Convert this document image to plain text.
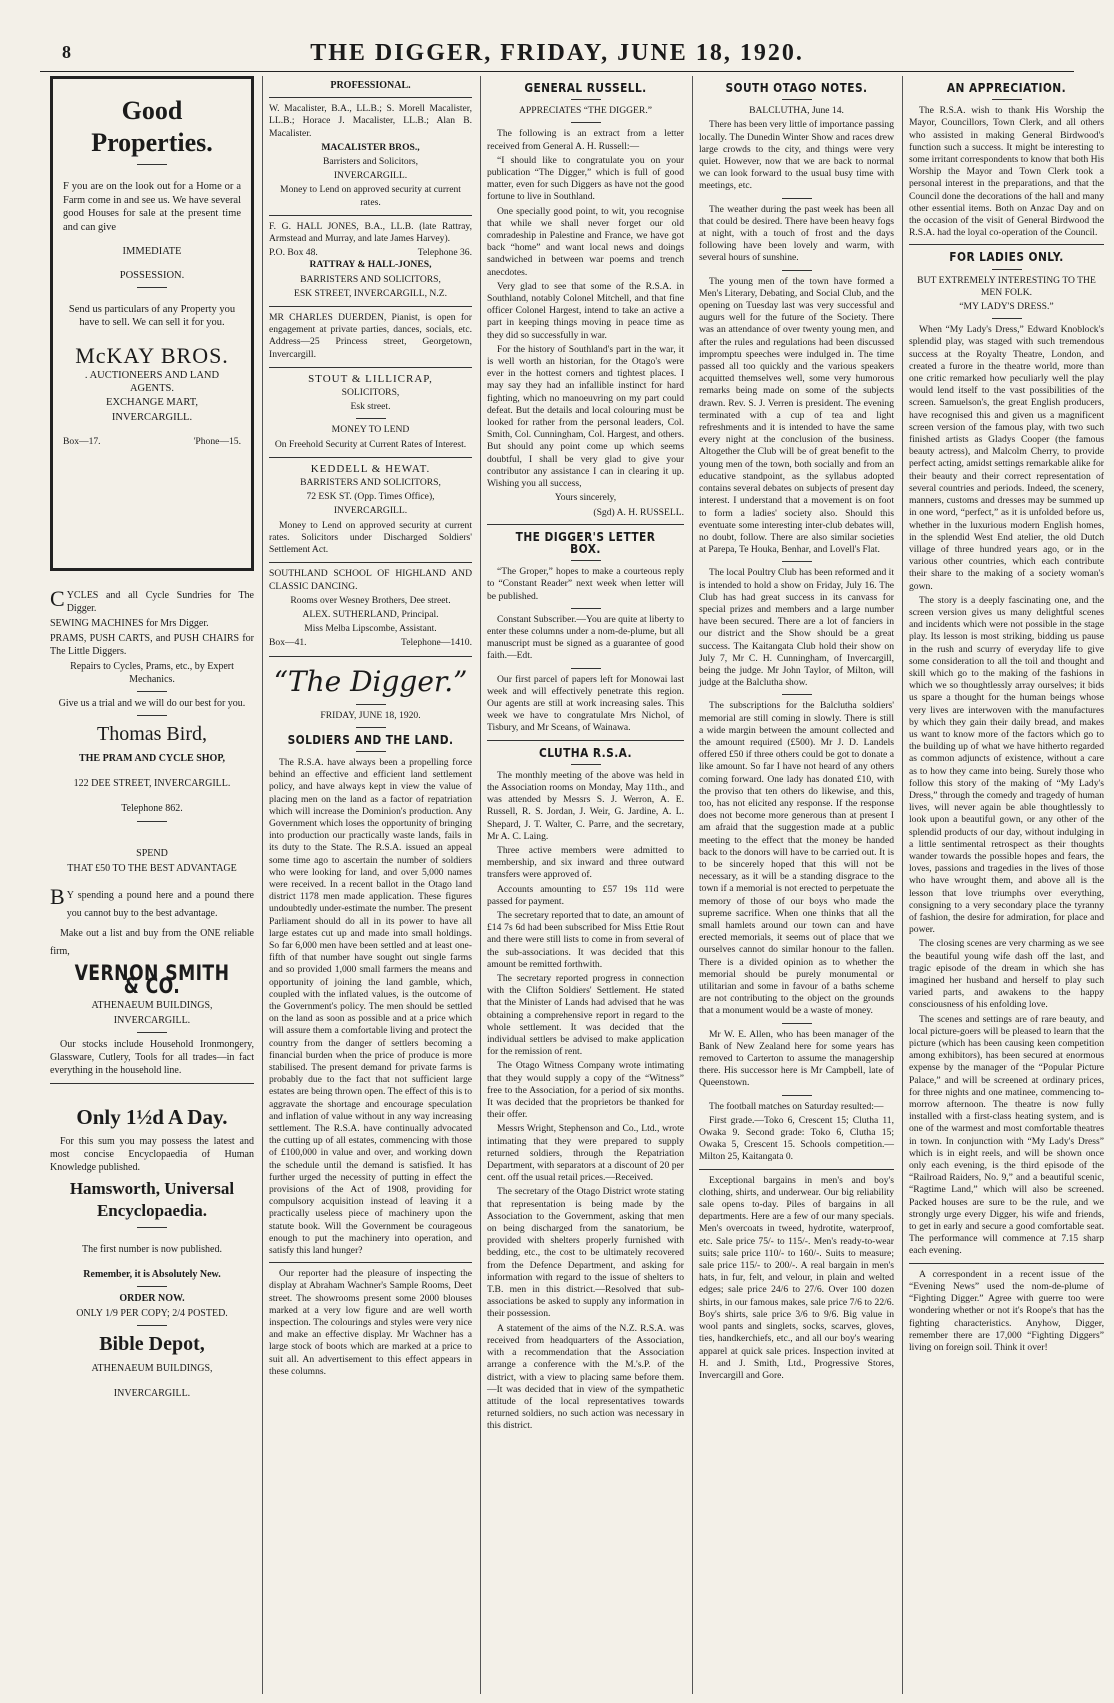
8	THE DIGGER, FRIDAY, JUNE 18, 1920.
Good
Properties.

F you are on the look out for a Home or a Farm come in and see us. We have several good Houses for sale at the present time and can give

IMMEDIATE

POSSESSION.

Send us particulars of any Property you have to sell. We can sell it for you.

McKAY BROS.

. AUCTIONEERS AND LAND AGENTS.

EXCHANGE MART,

INVERCARGILL.

Box—17.	'Phone—15.

CYCLES and all Cycle Sundries for The Digger.

SEWING MACHINES for Mrs Digger.

PRAMS, PUSH CARTS, and PUSH CHAIRS for The Little Diggers.

Repairs to Cycles, Prams, etc., by Expert Mechanics.

Give us a trial and we will do our best for you.

Thomas Bird,

THE PRAM AND CYCLE SHOP,

122 DEE STREET, INVERCARGILL.

Telephone 862.

SPEND

THAT £50 TO THE BEST ADVANTAGE

B Y spending a pound here and a pound there you cannot buy to the best advantage.

Make out a list and buy from the ONE reliable firm,

VERNON SMITH & CO.

ATHENAEUM BUILDINGS,

INVERCARGILL.

Our stocks include Household Ironmongery, Glassware, Cutlery, Tools for all trades—in fact everything in the household line.

Only 1½d A Day.

For this sum you may possess the latest and most concise Encyclopaedia of Human Knowledge published.

Hamsworth, Universal Encyclopaedia.

The first number is now published.

Remember, it is Absolutely New.

ORDER NOW.

ONLY 1/9 PER COPY; 2/4 POSTED.

Bible Depot,

ATHENAEUM BUILDINGS,

INVERCARGILL.

PROFESSIONAL.

W. Macalister, B.A., LL.B.; S. Morell Macalister, LL.B.; Horace J. Macalister, LL.B.; Alan B. Macalister.

MACALISTER BROS.,

Barristers and Solicitors,

INVERCARGILL.

Money to Lend on approved security at current rates.

F. G. HALL JONES, B.A., LL.B. (late Rattray, Armstead and Murray, and late James Harvey).

P.O. Box 48.	Telephone 36.

RATTRAY & HALL-JONES,

BARRISTERS AND SOLICITORS,

ESK STREET, INVERCARGILL, N.Z.

MR CHARLES DUERDEN, Pianist, is open for engagement at private parties, dances, socials, etc. Address—25 Princess street, Georgetown, Invercargill.

STOUT & LILLICRAP,

SOLICITORS,

Esk street.

MONEY TO LEND

On Freehold Security at Current Rates of Interest.

KEDDELL & HEWAT.

BARRISTERS AND SOLICITORS,

72 ESK ST. (Opp. Times Office),

INVERCARGILL.

Money to Lend on approved security at current rates. Solicitors under Discharged Soldiers' Settlement Act.

SOUTHLAND SCHOOL OF HIGHLAND AND CLASSIC DANCING.

Rooms over Wesney Brothers, Dee street.

ALEX. SUTHERLAND, Principal.

Miss Melba Lipscombe, Assistant.

Box—41.	Telephone—1410.
“The Digger.”

FRIDAY, JUNE 18, 1920.

SOLDIERS AND THE LAND.

The R.S.A. have always been a propelling force behind an effective and efficient land settlement policy, and have always kept in view the value of placing men on the land as a factor of repatriation which will increase the Dominion's production. Any Government which loses the opportunity of bringing into production our practically waste lands, fails in its duty to the State. The R.S.A. issued an appeal some time ago to ascertain the number of soldiers who were looking for land, and over 5,000 names were received. In a recent ballot in the Otago land district 1178 men made application. These figures undoubtedly under-estimate the number. The present Parliament should do all in its power to have all large estates cut up and made into small holdings. So far 6,000 men have been settled and at least one-fifth of that number have sought out single farms and so provided 1,000 small farmers the means and opportunity of joining the land gamble, which, coupled with the inflated values, is the outcome of the Government's policy. The men should be settled on the land as soon as possible and at a price which will assure them a comfortable living and protect the country from the danger of settlers becoming a financial burden when the price of produce is more stabilised. The present demand for private farms is probably due to the fact that not sufficient large estates are being thrown open. The effect of this is to aggravate the shortage and encourage speculation and inflation of value without in any way increasing settlement. The R.S.A. have continually advocated the cutting up of all estates, commencing with those of £100,000 in value and over, and working down the schedule until the demand is satisfied. It has further urged the necessity of putting in effect the provisions of the Act of 1908, providing for compulsory acquisition instead of leaving it a practically useless piece of machinery upon the statute book. Will the Government be courageous enough to put the machinery into operation, and satisfy this land hunger?

Our reporter had the pleasure of inspecting the display at Abraham Wachner's Sample Rooms, Deet street. The showrooms present some 2000 blouses marked at a very low figure and are well worth inspection. The colourings and styles were very nice and make an effective display. Mr Wachner has a large stock of boots which are marked at a price to suit all. An advertisement to this effect appears in these columns.

GENERAL RUSSELL.

APPRECIATES “THE DIGGER.”

The following is an extract from a letter received from General A. H. Russell:—

“I should like to congratulate you on your publication “The Digger,” which is full of good matter, even for such Diggers as have not the good fortune to live in Southland.

One specially good point, to wit, you recognise that while we shall never forget our old comradeship in Palestine and France, we have got back “home” and want local news and doings sandwiched in between war poems and trench anecdotes.

Very glad to see that some of the R.S.A. in Southland, notably Colonel Mitchell, and that fine officer Colonel Hargest, intend to take an active a part in keeping things moving in peace time as they did so successfully in war.

For the history of Southland's part in the war, it is well worth an historian, for the Otago's were ever in the hottest corners and tightest places. I may say they had an infallible instinct for hard fighting, which no manoeuvring on my part could defeat. But the details and local colouring must be looked for rather from the personal leaders, Col. Smith, Col. Cunningham, Col. Hargest, and others. But should any point come up which seems doubtful, I shall be very glad to give your contributor any assistance I can in clearing it up. Wishing you all success,

Yours sincerely,

(Sgd) A. H. RUSSELL.

THE DIGGER'S LETTER BOX.

“The Groper,” hopes to make a courteous reply to “Constant Reader” next week when letter will be published.

Constant Subscriber.—You are quite at liberty to enter these columns under a nom-de-plume, but all manuscript must be signed as a guarantee of good faith.—Edt.

Our first parcel of papers left for Monowai last week and will effectively penetrate this region. Our agents are still at work increasing sales. This week we have to congratulate Mrs Nichol, of Tisbury, and Mr Sceans, of Wainawa.

CLUTHA R.S.A.

The monthly meeting of the above was held in the Association rooms on Monday, May 11th., and was attended by Messrs S. J. Werron, A. E. Russell, R. S. Jordan, J. Weir, G. Jardine, A. L. Shepard, J. T. Walter, C. Parre, and the secretary, Mr A. C. Laing.

Three active members were admitted to membership, and six inward and three outward transfers were approved of.

Accounts amounting to £57 19s 11d were passed for payment.

The secretary reported that to date, an amount of £14 7s 6d had been subscribed for Miss Ettie Rout and there were still lists to come in from several of the sub-associations. It was decided that this amount be remitted forthwith.

The secretary reported progress in connection with the Clifton Soldiers' Settlement. He stated that the Minister of Lands had advised that he was obtaining a comprehensive report in regard to the whole settlement. It was decided that the individual settlers be advised to make application for the remission of rent.

The Otago Witness Company wrote intimating that they would supply a copy of the “Witness” free to the Association, for a period of six months. It was decided that the proprietors be thanked for their offer.

Messrs Wright, Stephenson and Co., Ltd., wrote intimating that they were prepared to supply returned soldiers, through the Repatriation Department, with separators at a discount of 20 per cent. off the usual retail prices.—Received.

The secretary of the Otago District wrote stating that representation is being made by the Association to the Government, asking that men on being discharged from the sanatorium, be provided with shelters properly furnished with bedding, etc., the cost to be ultimately recovered from the Defence Department, and asking for information with regard to the issue of shelters to T.B. men in this district.—Resolved that sub-associations be asked to supply any information in their possession.

A statement of the aims of the N.Z. R.S.A. was received from headquarters of the Association, with a recommendation that the Association arrange a conference with the M.'s.P. of the district, with a view to placing same before them.—It was decided that in view of the sympathetic attitude of the local representatives towards returned soldiers, no such action was necessary in this district.

SOUTH OTAGO NOTES.

BALCLUTHA, June 14.

There has been very little of importance passing locally. The Dunedin Winter Show and races drew large crowds to the city, and things were very quiet. However, now that we are back to normal we can look forward to the usual busy time with meetings, etc.

The weather during the past week has been all that could be desired. There have been heavy fogs at night, with a touch of frost and the days following have been lovely and warm, with several hours of sunshine.

The young men of the town have formed a Men's Literary, Debating, and Social Club, and the opening on Tuesday last was very successful and augurs well for the future of the Society. There was an attendance of over twenty young men, and after the rules and regulations had been discussed impromptu speeches were indulged in. The time passed all too quickly and the various speakers acquitted themselves well, some very humorous remarks being made on some of the subjects drawn. Rev. S. J. Verren is president. The evening terminated with a cup of tea and light refreshments and it is intended to have the same every night at the conclusion of the business. Altogether the Club will be of great benefit to the young men of the town, both socially and from an educative standpoint, as the syllabus adopted contains several debates on subjects of present day interest. I understand that a movement is on foot to form a ladies' society also. Should this eventuate some interesting inter-club debates will, no doubt, follow. There are also similar societies at Parepa, Te Houka, Benhar, and Lovell's Flat.

The local Poultry Club has been reformed and it is intended to hold a show on Friday, July 16. The Club has had great success in its canvass for special prizes and members and a large number have been secured. There are a lot of fanciers in our district and the Show should be a great success. The Kaitangata Club hold their show on July 7, Mr C. H. Cunningham, of Invercargill, being the judge. Mr John Taylor, of Milton, will judge at the Balclutha show.

The subscriptions for the Balclutha soldiers' memorial are still coming in slowly. There is still a wide margin between the amount collected and the amount required (£500). Mr J. D. Landels offered £50 if three others could be got to donate a like amount. So far I have not heard of any others coming forward. One lady has donated £10, with the proviso that ten others do likewise, and this, too, has not elicited any response. If the response does not become more generous than at present I am afraid that the suggestion made at a public meeting to the effect that the money be handed back to the donors will have to be carried out. It is to be sincerely hoped that this will not be necessary, as it will be a standing disgrace to the town if a memorial is not erected to perpetuate the memory of those of our boys who made the supreme sacrifice. When one thinks that all the small hamlets around our town can and have erected memorials, it seems out of place that we ourselves cannot do similar honour to the fallen. There is a divided opinion as to whether the memorial should be purely monumental or utilitarian and some in favour of a baths scheme are not contributing to the object on the grounds that a monument would be a waste of money.

Mr W. E. Allen, who has been manager of the Bank of New Zealand here for some years has removed to Carterton to assume the managership there. His successor here is Mr Campbell, late of Queenstown.

The football matches on Saturday resulted:—

First grade.—Toko 6, Crescent 15; Clutha 11, Owaka 9. Second grade: Toko 6, Clutha 15; Owaka 5, Crescent 15. Schools competition.—Milton 25, Kaitangata 0.

Exceptional bargains in men's and boy's clothing, shirts, and underwear. Our big reliability sale opens to-day. Piles of bargains in all departments. Here are a few of our many specials. Men's overcoats in tweed, hydrotite, waterproof, etc. Sale price 75/- to 115/-. Men's ready-to-wear suits; sale price 110/- to 160/-. Suits to measure; sale price 115/- to 200/-. A real bargain in men's hats, in fur, felt, and velour, in plain and welted edges; sale price 24/6 to 27/6. Over 100 dozen shirts, in our famous makes, sale price 7/6 to 22/6. Boy's shirts, sale price 3/6 to 9/6. Big value in wool pants and singlets, socks, scarves, gloves, ties, handkerchiefs, etc., and all our boy's wearing apparel at quick sale prices. Inspection invited at H. and J. Smith, Ltd., Progressive Stores, Invercargill and Gore.

AN APPRECIATION.

The R.S.A. wish to thank His Worship the Mayor, Councillors, Town Clerk, and all others who assisted in making General Birdwood's function such a success. It might be interesting to some irritant correspondents to know that both His Worship the Mayor and Town Clerk took a personal interest in the preparations, and that the Council done the decorations of the hall and many other essential items. Both on Anzac Day and on the occasion of the visit of General Birdwood the R.S.A. had the loyal co-operation of the Council.

FOR LADIES ONLY.

BUT EXTREMELY INTERESTING TO THE MEN FOLK.

“MY LADY'S DRESS.”

When “My Lady's Dress,” Edward Knoblock's splendid play, was staged with such tremendous success at the Royalty Theatre, London, and created a furore in the theatre world, more than one critic remarked how peculiarly well the play would lend itself to the vast possibilities of the screen. Samuelson's, the great English producers, have recognised this and given us a magnificent screen version of the famous play, with two such finished artists as Gladys Cooper (the famous beauty actress), and Malcolm Cherry, to provide perfect acting, amidst settings remarkable alike for their beauty and their correct representation of several countries and periods. Indeed, the scenery, manners, customs and dresses may be summed up in one word, “perfect,” as it is unfolded before us, whether in the luxurious modern English homes, in the splendid West End atelier, the old Dutch village of three hundred years ago, or in the various other countries, which each contribute their share to the making of a society woman's gown.

The story is a deeply fascinating one, and the screen version gives us many delightful scenes and incidents which were not possible in the stage play. Its lesson is most striking, bidding us pause in the rush and scurry of everyday life to give some consideration to all the toil and thought and skill which go to the making of the fashions in which we so thoughtlessly array ourselves; it bids us spare a thought for the human beings whose very lives are interwoven with the manufactures by which they gain their daily bread, and makes us want to know more of the factors which go to the building up of what we have hitherto regarded as common adjuncts of existence, without a care as to how they came into being. Surely those who follow this story of the making of “My Lady's Dress,” through the comedy and tragedy of human lives, will never again be able thoughtlessly to look upon a beautiful gown, or any other of the splendid products of our day, without indulging in a little sentimental retrospect as their thoughts wander towards the possible hopes and fears, the loves, passions and tragedies in the lives of those who have wrought them, and above all is the lesson that love triumphs over everything, consigning to a very secondary place the tyranny of fashion, the desire for admiration, for place and power.

The closing scenes are very charming as we see the beautiful young wife dash off the last, and tragic episode of the dream in which she has imagined her husband and herself to play such varied parts, and awakens to the happy consciousness of his enfolding love.

The scenes and settings are of rare beauty, and local picture-goers will be pleased to learn that the picture (which has been causing keen competition among exhibitors), has been secured at enormous expense by the manager of the “Popular Picture Palace,” and will be screened at ordinary prices, for three nights and one matinee, commencing to-morrow afternoon. The theatre is now fully installed with a first-class heating system, and is one of the warmest and most comfortable theatres in town. In conjunction with “My Lady's Dress” which is in eight reels, and will be shown once only each evening, is the third episode of the “Railroad Raiders, No. 9,” and a beautiful scenic, “Ragtime Land,” which will also be screened. Packed houses are sure to be the rule, and we strongly urge every Digger, his wife and friends, to get in early and secure a good comfortable seat. The performance will commence at 7.15 sharp each evening.

A correspondent in a recent issue of the “Evening News” used the nom-de-plume of “Fighting Digger.” Agree with guerre too were wondering whether or not it's Roope's that has the fighting characteristics. Anyhow, Digger, remember there are 17,000 “Fighting Diggers” living on foreign soil. Think it over!
